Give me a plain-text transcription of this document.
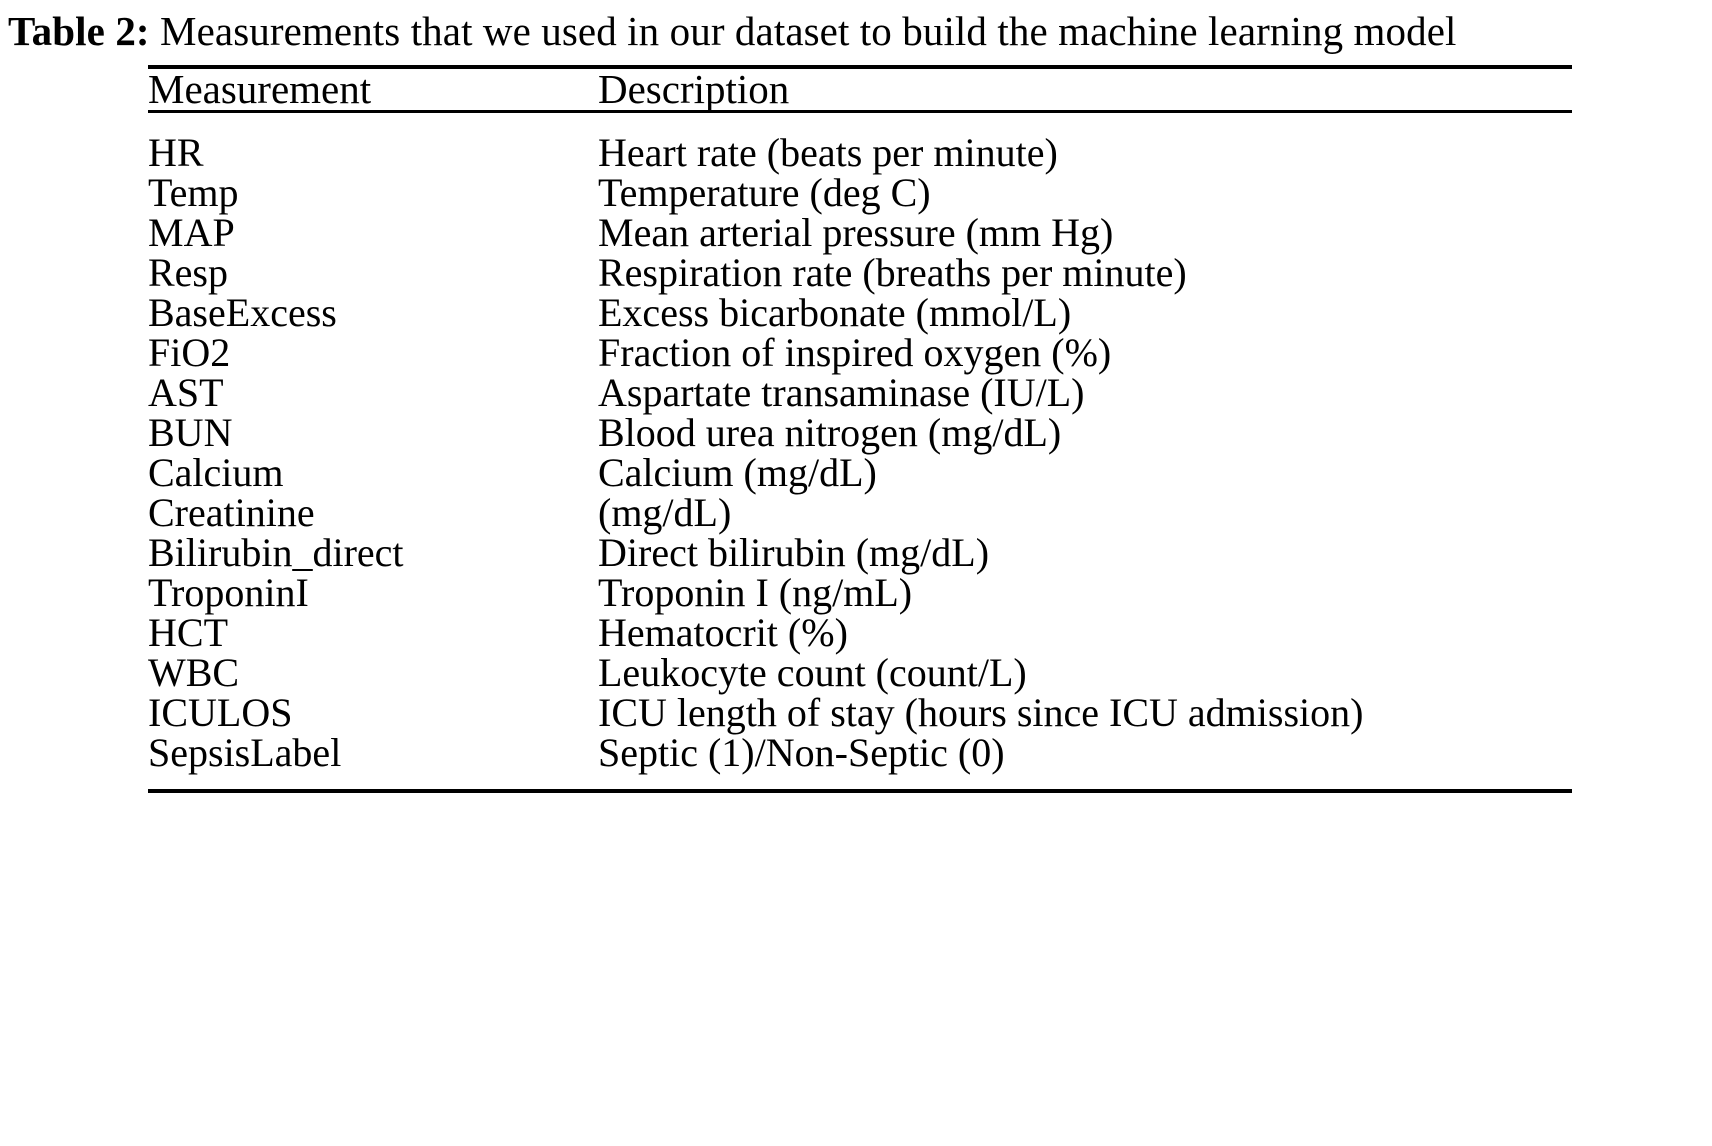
Table 2: Measurements that we used in our dataset to build the machine learning model
Measurement	Description
HR	Heart rate (beats per minute)
Temp	Temperature (deg C)
MAP	Mean arterial pressure (mm Hg)
Resp	Respiration rate (breaths per minute)
BaseExcess	Excess bicarbonate (mmol/L)
FiO2	Fraction of inspired oxygen (%)
AST	Aspartate transaminase (IU/L)
BUN	Blood urea nitrogen (mg/dL)
Calcium	Calcium (mg/dL)
Creatinine	(mg/dL)
Bilirubin_direct	Direct bilirubin (mg/dL)
TroponinI	Troponin I (ng/mL)
HCT	Hematocrit (%)
WBC	Leukocyte count (count/L)
ICULOS	ICU length of stay (hours since ICU admission)
SepsisLabel	Septic (1)/Non-Septic (0)
